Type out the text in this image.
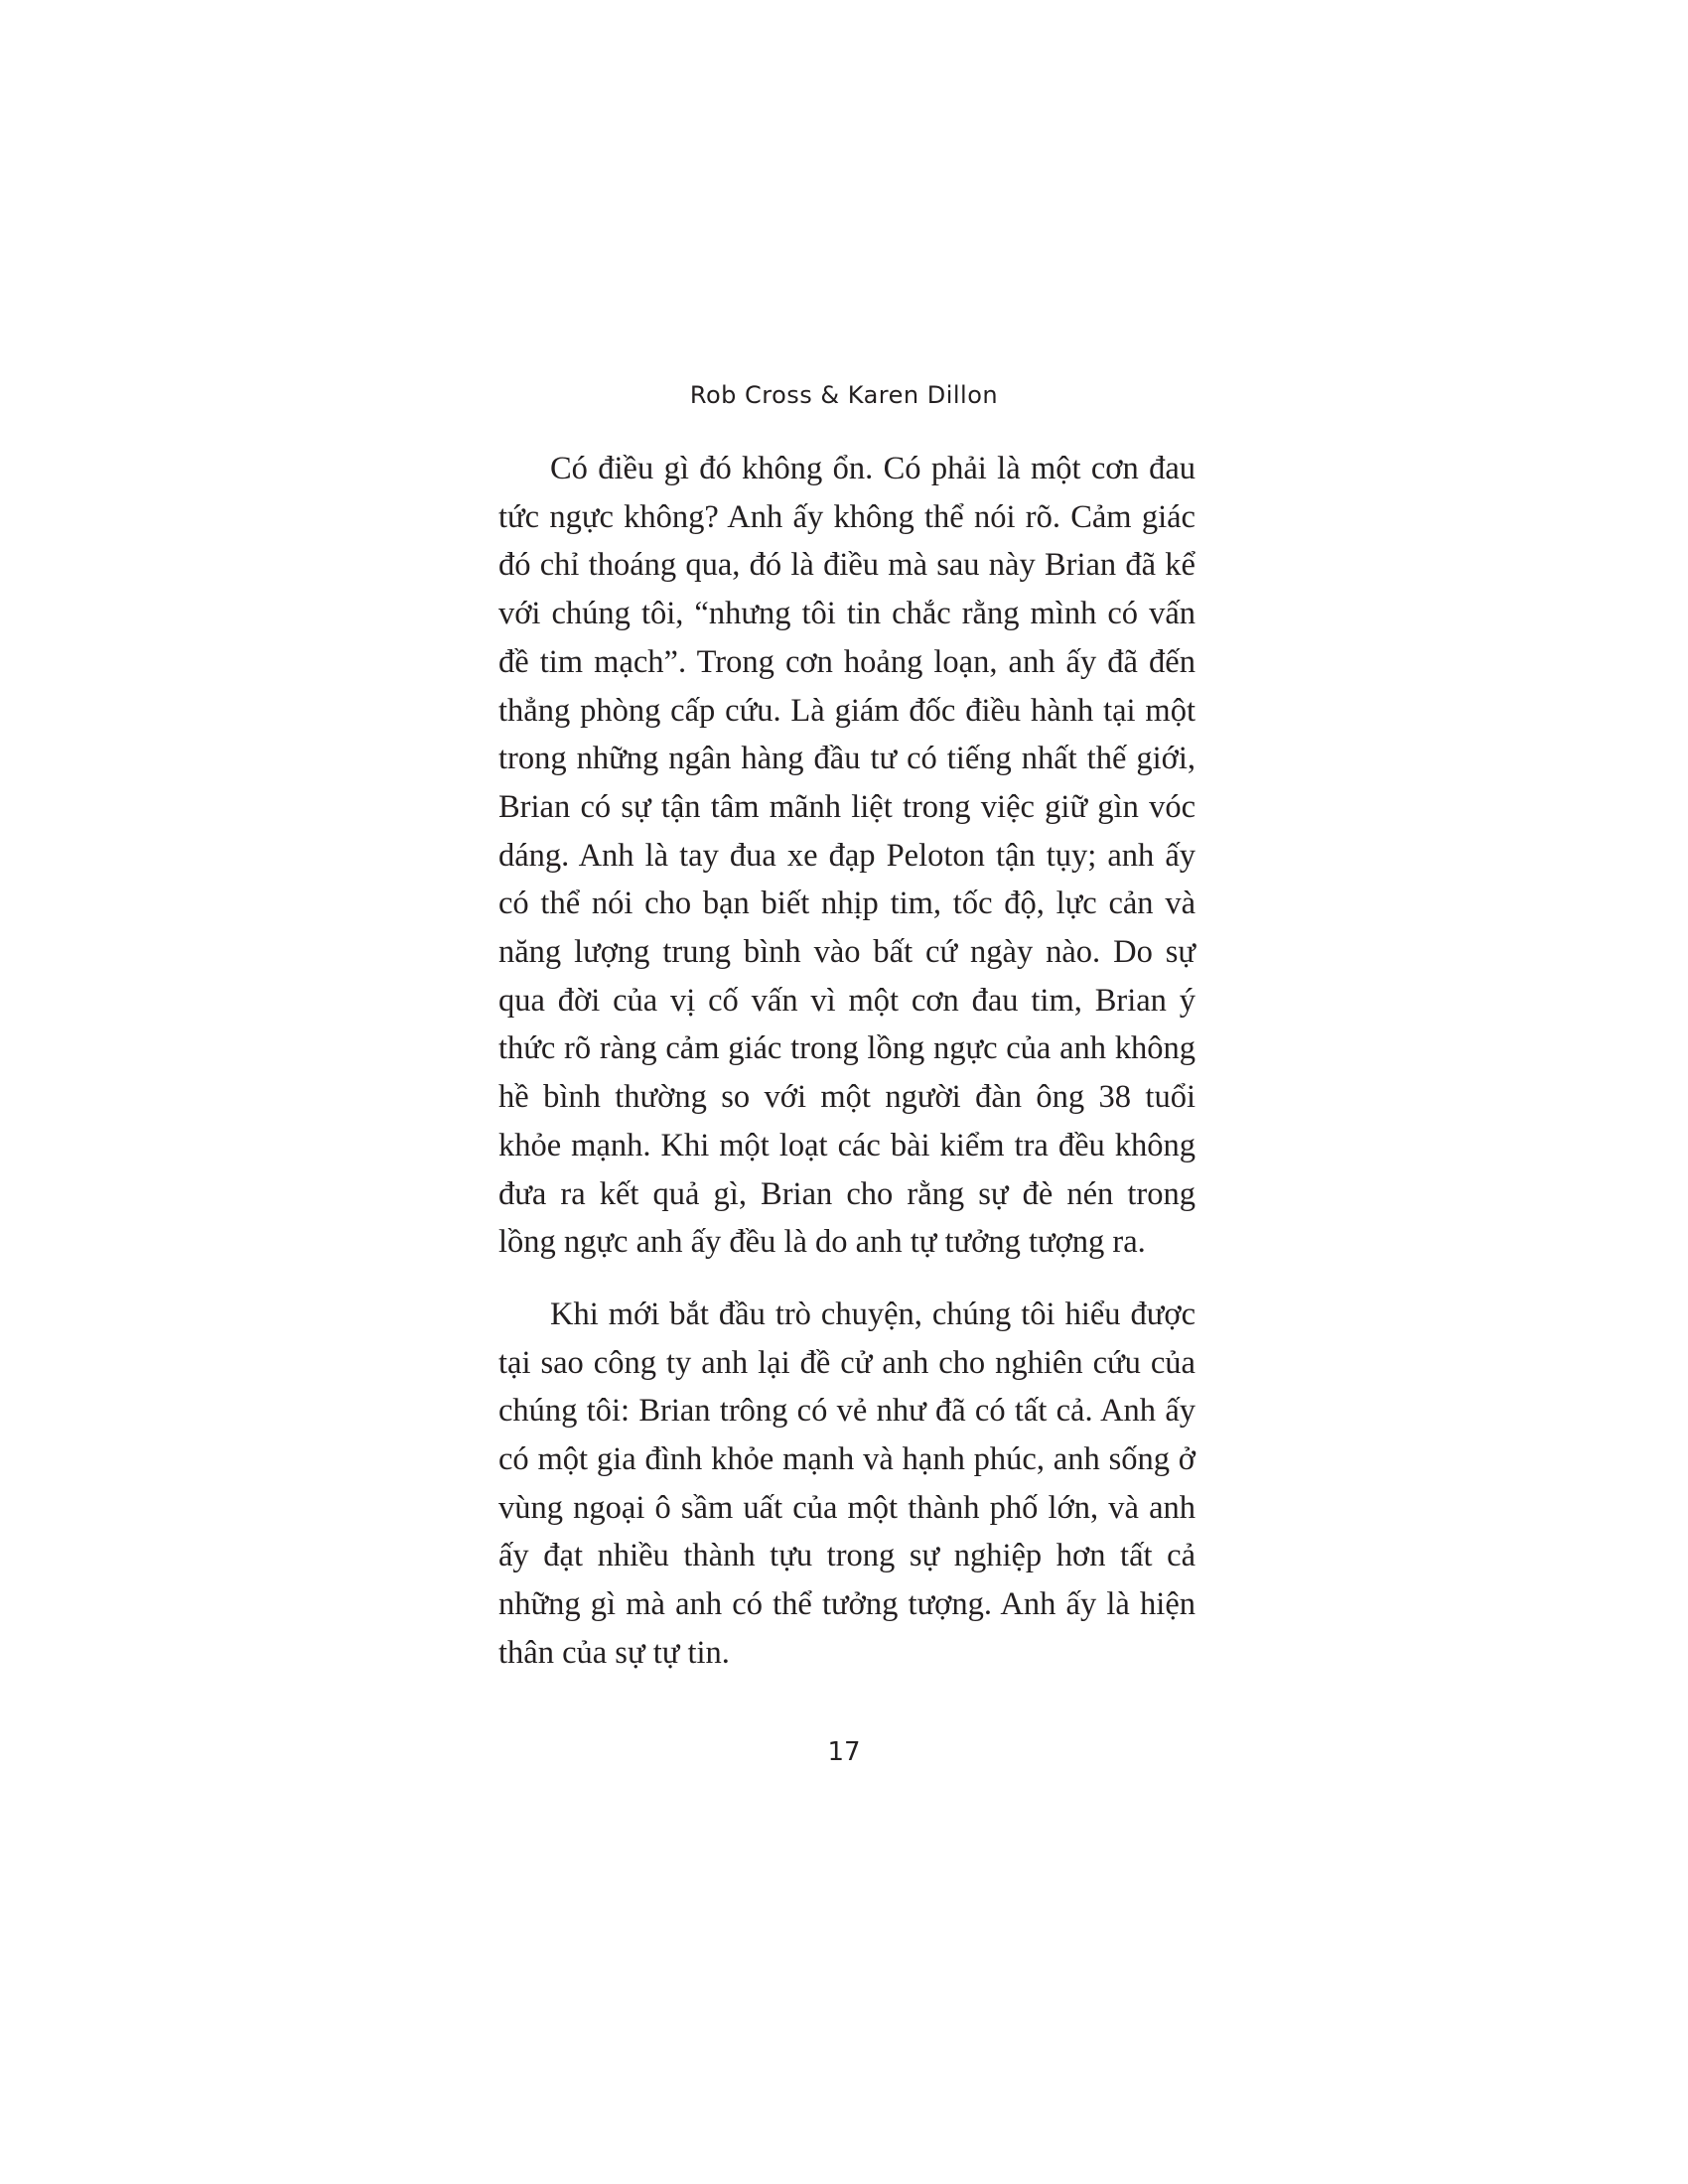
Rob Cross & Karen Dillon

Có điều gì đó không ổn. Có phải là một cơn đau tức ngực không? Anh ấy không thể nói rõ. Cảm giác đó chỉ thoáng qua, đó là điều mà sau này Brian đã kể với chúng tôi, “nhưng tôi tin chắc rằng mình có vấn đề tim mạch”. Trong cơn hoảng loạn, anh ấy đã đến thẳng phòng cấp cứu. Là giám đốc điều hành tại một trong những ngân hàng đầu tư có tiếng nhất thế giới, Brian có sự tận tâm mãnh liệt trong việc giữ gìn vóc dáng. Anh là tay đua xe đạp Peloton tận tụy; anh ấy có thể nói cho bạn biết nhịp tim, tốc độ, lực cản và năng lượng trung bình vào bất cứ ngày nào. Do sự qua đời của vị cố vấn vì một cơn đau tim, Brian ý thức rõ ràng cảm giác trong lồng ngực của anh không hề bình thường so với một người đàn ông 38 tuổi khỏe mạnh. Khi một loạt các bài kiểm tra đều không đưa ra kết quả gì, Brian cho rằng sự đè nén trong lồng ngực anh ấy đều là do anh tự tưởng tượng ra.

Khi mới bắt đầu trò chuyện, chúng tôi hiểu được tại sao công ty anh lại đề cử anh cho nghiên cứu của chúng tôi: Brian trông có vẻ như đã có tất cả. Anh ấy có một gia đình khỏe mạnh và hạnh phúc, anh sống ở vùng ngoại ô sầm uất của một thành phố lớn, và anh ấy đạt nhiều thành tựu trong sự nghiệp hơn tất cả những gì mà anh có thể tưởng tượng. Anh ấy là hiện thân của sự tự tin.

17
